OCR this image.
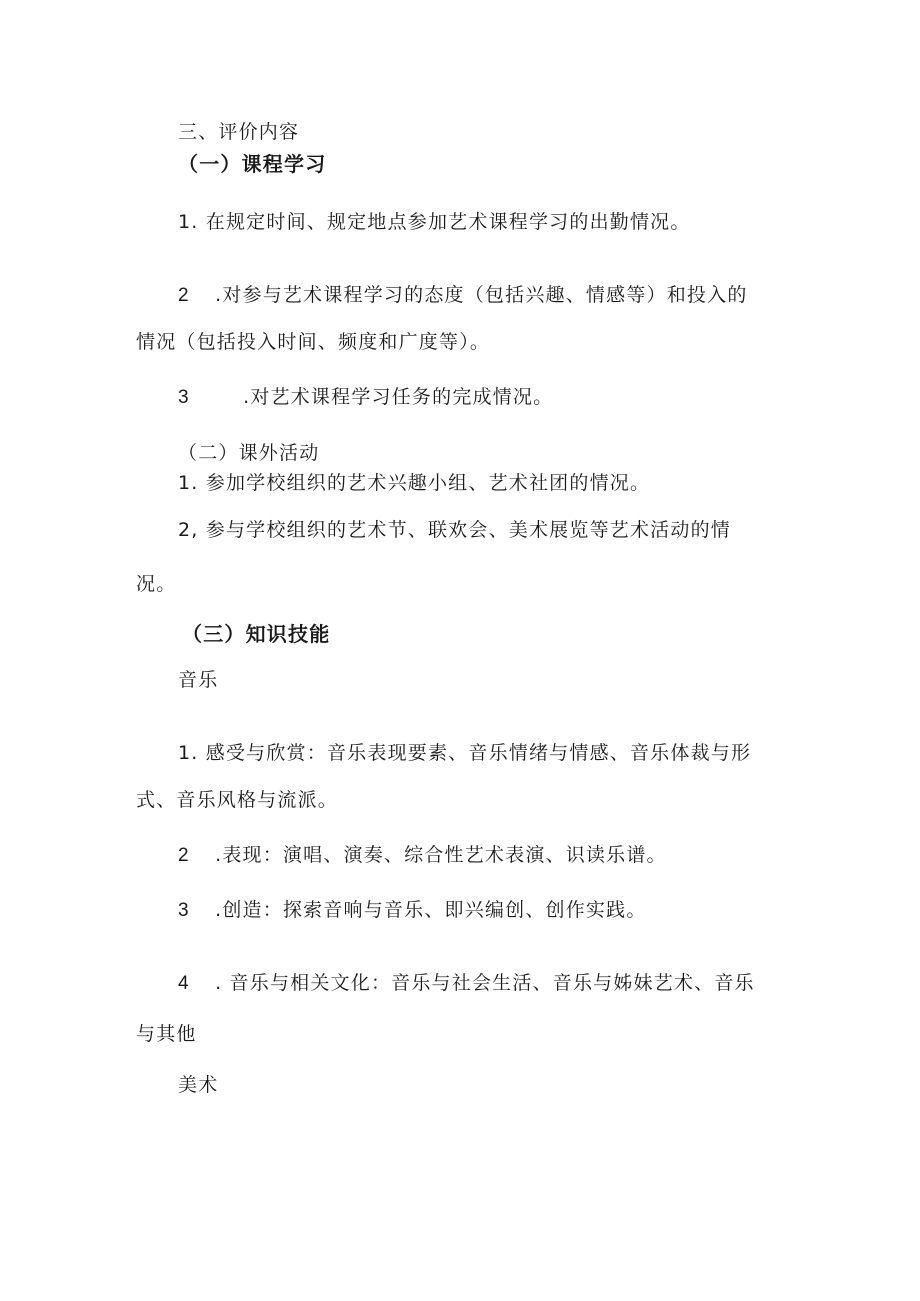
三、评价内容
（一）课程学习
1. 在规定时间、规定地点参加艺术课程学习的出勤情况。
2 .对参与艺术课程学习的态度（包括兴趣、情感等）和投入的
情况（包括投入时间、频度和广度等）。
3	.对艺术课程学习任务的完成情况。
（二）课外活动
1. 参加学校组织的艺术兴趣小组、艺术社团的情况。
2, 参与学校组织的艺术节、联欢会、美术展览等艺术活动的情
况。
（三）知识技能
音乐
1. 感受与欣赏：音乐表现要素、音乐情绪与情感、音乐体裁与形
式、音乐风格与流派。
2 .表现：演唱、演奏、综合性艺术表演、识读乐谱。
3 .创造：探索音响与音乐、即兴编创、创作实践。
4 . 音乐与相关文化：音乐与社会生活、音乐与姊妹艺术、音乐
与其他
美术
